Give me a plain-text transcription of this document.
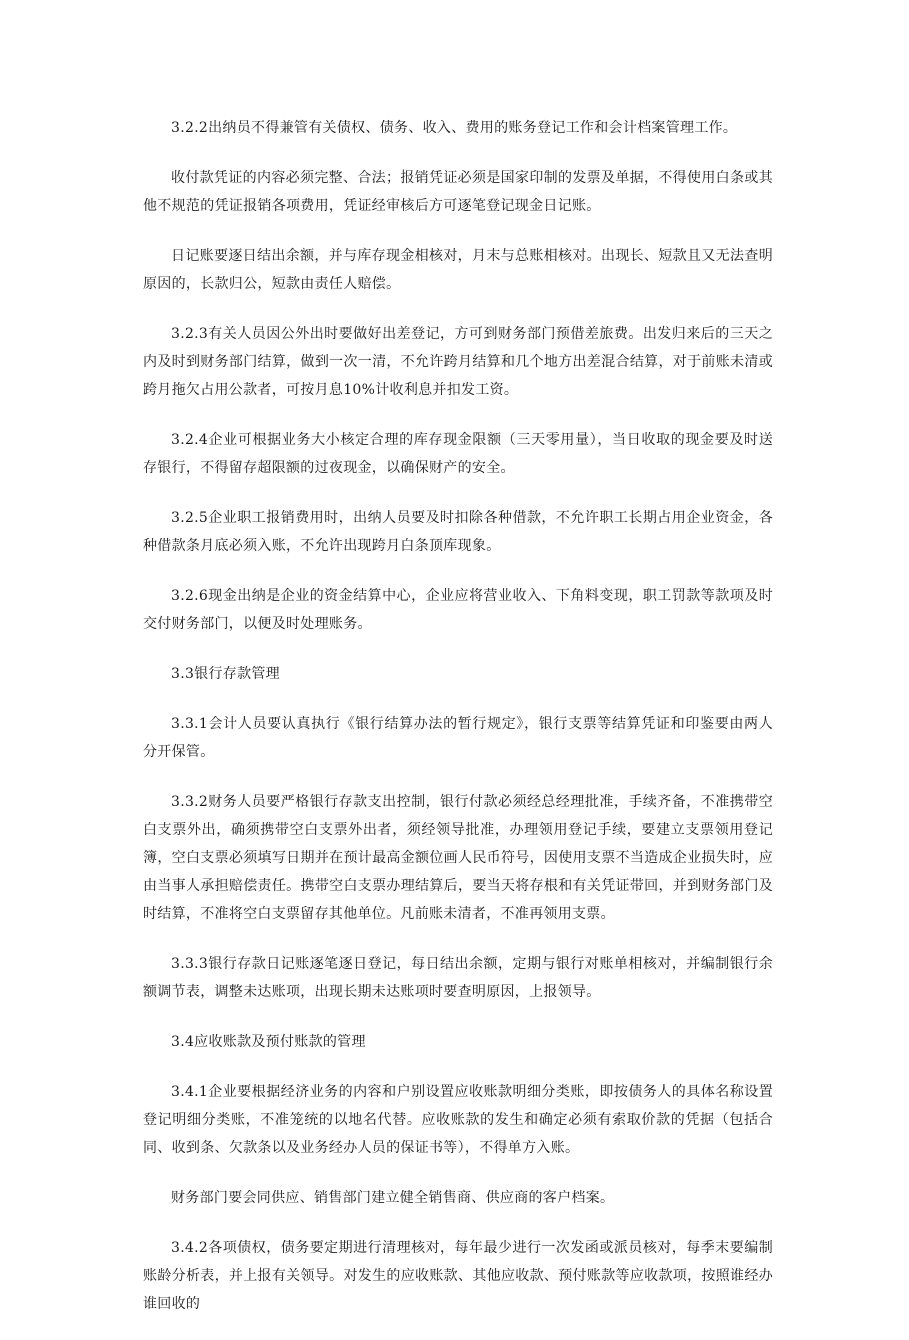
3.2.2出纳员不得兼管有关债权、债务、收入、费用的账务登记工作和会计档案管理工作。

收付款凭证的内容必须完整、合法；报销凭证必须是国家印制的发票及单据，不得使用白条或其他不规范的凭证报销各项费用，凭证经审核后方可逐笔登记现金日记账。

日记账要逐日结出余额，并与库存现金相核对，月末与总账相核对。出现长、短款且又无法查明原因的，长款归公，短款由责任人赔偿。

3.2.3有关人员因公外出时要做好出差登记，方可到财务部门预借差旅费。出发归来后的三天之内及时到财务部门结算，做到一次一清，不允许跨月结算和几个地方出差混合结算，对于前账未清或跨月拖欠占用公款者，可按月息10%计收利息并扣发工资。

3.2.4企业可根据业务大小核定合理的库存现金限额（三天零用量），当日收取的现金要及时送存银行，不得留存超限额的过夜现金，以确保财产的安全。

3.2.5企业职工报销费用时，出纳人员要及时扣除各种借款，不允许职工长期占用企业资金，各种借款条月底必须入账，不允许出现跨月白条顶库现象。

3.2.6现金出纳是企业的资金结算中心，企业应将营业收入、下角料变现，职工罚款等款项及时交付财务部门，以便及时处理账务。

3.3银行存款管理

3.3.1会计人员要认真执行《银行结算办法的暂行规定》，银行支票等结算凭证和印鉴要由两人分开保管。

3.3.2财务人员要严格银行存款支出控制，银行付款必须经总经理批准，手续齐备，不准携带空白支票外出，确须携带空白支票外出者，须经领导批准，办理领用登记手续，要建立支票领用登记簿，空白支票必须填写日期并在预计最高金额位画人民币符号，因使用支票不当造成企业损失时，应由当事人承担赔偿责任。携带空白支票办理结算后，要当天将存根和有关凭证带回，并到财务部门及时结算，不准将空白支票留存其他单位。凡前账未清者，不准再领用支票。

3.3.3银行存款日记账逐笔逐日登记，每日结出余额，定期与银行对账单相核对，并编制银行余额调节表，调整未达账项，出现长期未达账项时要查明原因，上报领导。

3.4应收账款及预付账款的管理

3.4.1企业要根据经济业务的内容和户别设置应收账款明细分类账，即按债务人的具体名称设置登记明细分类账，不准笼统的以地名代替。应收账款的发生和确定必须有索取价款的凭据（包括合同、收到条、欠款条以及业务经办人员的保证书等），不得单方入账。

财务部门要会同供应、销售部门建立健全销售商、供应商的客户档案。

3.4.2各项债权，债务要定期进行清理核对，每年最少进行一次发函或派员核对，每季末要编制账龄分析表，并上报有关领导。对发生的应收账款、其他应收款、预付账款等应收款项，按照谁经办谁回收的
